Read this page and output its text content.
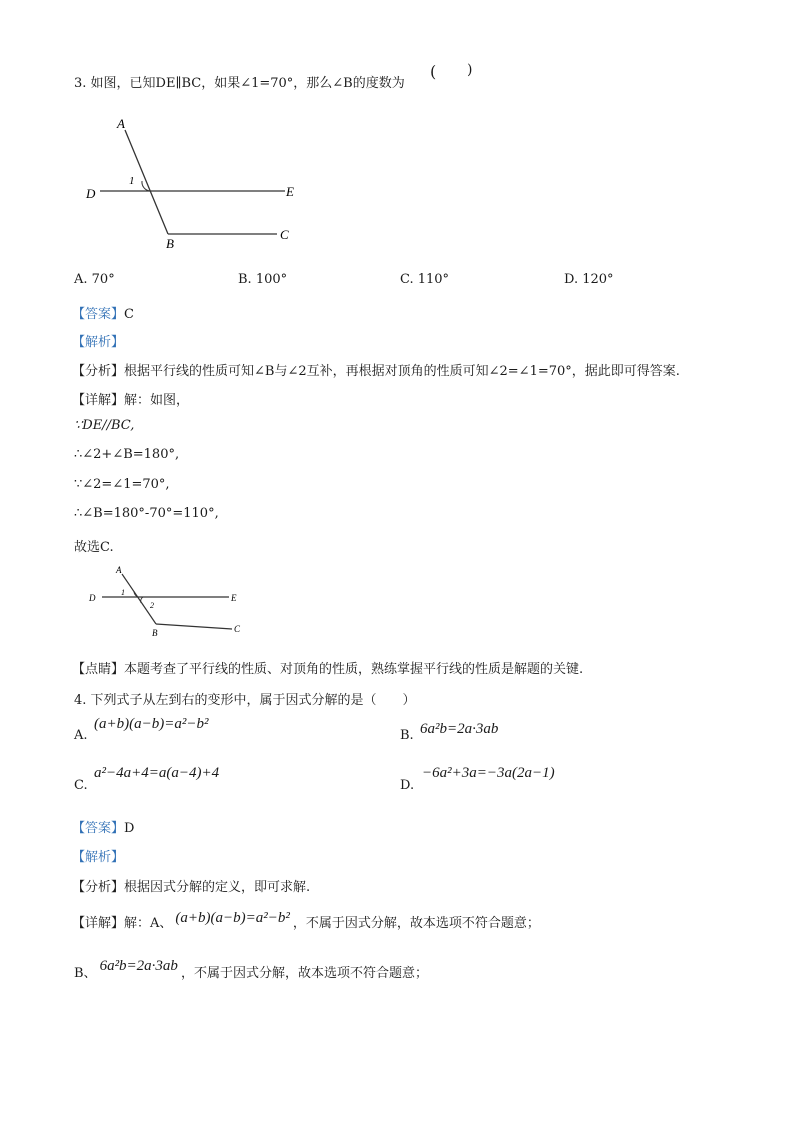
3. 如图，已知DE∥BC，如果∠1=70°，那么∠B的度数为
( )
A
D	E
B
C
1
A. 70°	B. 100°	C. 110°	D. 120°
【答案】C
【解析】
【分析】根据平行线的性质可知∠B与∠2互补，再根据对顶角的性质可知∠2=∠1=70°，据此即可得答案.
【详解】解：如图，
∵DE//BC,
∴∠2+∠B=180°,
∵∠2=∠1=70°,
∴∠B=180°-70°=110°,
故选C.
A
D	E
B	C
1
2
【点睛】本题考查了平行线的性质、对顶角的性质，熟练掌握平行线的性质是解题的关键.
4. 下列式子从左到右的变形中，属于因式分解的是（　　）
A.
(a+b)(a−b)=a²−b²
B. 6a²b=2a·3ab
C.
a²−4a+4=a(a−4)+4
D.
−6a²+3a=−3a(2a−1)
【答案】D
【解析】
【分析】根据因式分解的定义，即可求解.
【详解】解：A、 (a+b)(a−b)=a²−b² ，不属于因式分解，故本选项不符合题意；
B、 6a²b=2a·3ab ，不属于因式分解，故本选项不符合题意；
